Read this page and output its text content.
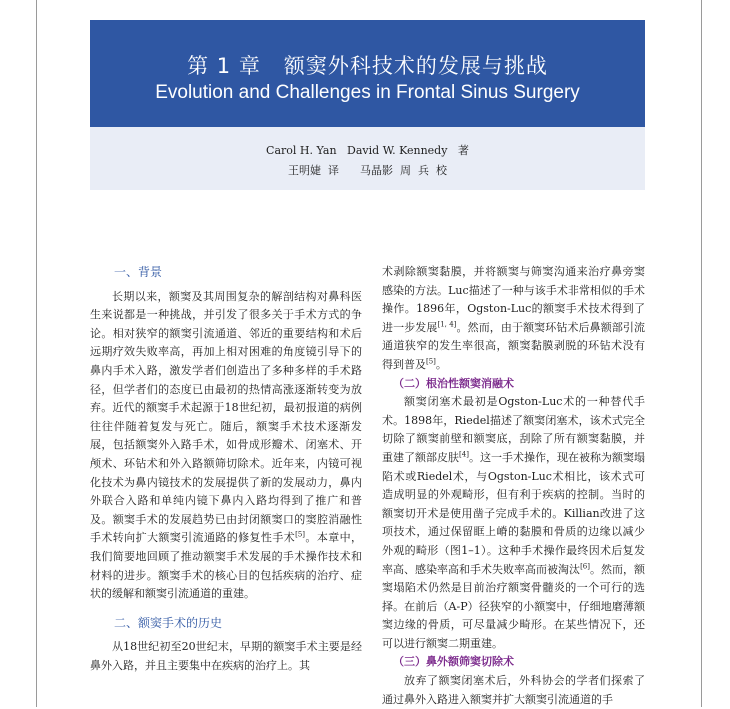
第 1 章   额窦外科技术的发展与挑战
Evolution and Challenges in Frontal Sinus Surgery
Carol H. Yan   David W. Kennedy   著
王明婕  译      马晶影  周  兵  校
一、背景

长期以来，额窦及其周围复杂的解剖结构对鼻科医生来说都是一种挑战，并引发了很多关于手术方式的争论。相对狭窄的额窦引流通道、邻近的重要结构和术后远期疗效失败率高，再加上相对困难的角度镜引导下的鼻内手术入路，激发学者们创造出了多种多样的手术路径，但学者们的态度已由最初的热情高涨逐渐转变为放弃。近代的额窦手术起源于18世纪初，最初报道的病例往往伴随着复发与死亡。随后，额窦手术技术逐渐发展，包括额窦外入路手术，如骨成形瓣术、闭塞术、开颅术、环钻术和外入路额筛切除术。近年来，内镜可视化技术为鼻内镜技术的发展提供了新的发展动力，鼻内外联合入路和单纯内镜下鼻内入路均得到了推广和普及。额窦手术的发展趋势已由封闭额窦口的窦腔消融性手术转向扩大额窦引流通路的修复性手术[5]。本章中，我们简要地回顾了推动额窦手术发展的手术操作技术和材料的进步。额窦手术的核心目的包括疾病的治疗、症状的缓解和额窦引流通道的重建。

二、额窦手术的历史

从18世纪初至20世纪末，早期的额窦手术主要是经鼻外入路，并且主要集中在疾病的治疗上。其

术剥除额窦黏膜，并将额窦与筛窦沟通来治疗鼻旁窦感染的方法。Luc描述了一种与该手术非常相似的手术操作。1896年，Ogston-Luc的额窦手术技术得到了进一步发展[1, 4]。然而，由于额窦环钻术后鼻额部引流通道狭窄的发生率很高，额窦黏膜剥脱的环钻术没有得到普及[5]。

（二）根治性额窦消融术

额窦闭塞术最初是Ogston-Luc术的一种替代手术。1898年，Riedel描述了额窦闭塞术，该术式完全切除了额窦前壁和额窦底，刮除了所有额窦黏膜，并重建了额部皮肤[4]。这一手术操作，现在被称为额窦塌陷术或Riedel术，与Ogston-Luc术相比，该术式可造成明显的外观畸形，但有利于疾病的控制。当时的额窦切开术是使用凿子完成手术的。Killian改进了这项技术，通过保留眶上嵴的黏膜和骨质的边缘以减少外观的畸形（图1–1）。这种手术操作最终因术后复发率高、感染率高和手术失败率高而被淘汰[6]。然而，额窦塌陷术仍然是目前治疗额窦骨髓炎的一个可行的选择。在前后（A-P）径狭窄的小额窦中，仔细地磨薄额窦边缘的骨质，可尽量减少畸形。在某些情况下，还可以进行额窦二期重建。

（三）鼻外额筛窦切除术

放弃了额窦闭塞术后，外科协会的学者们探索了通过鼻外入路进入额窦并扩大额窦引流通道的手
